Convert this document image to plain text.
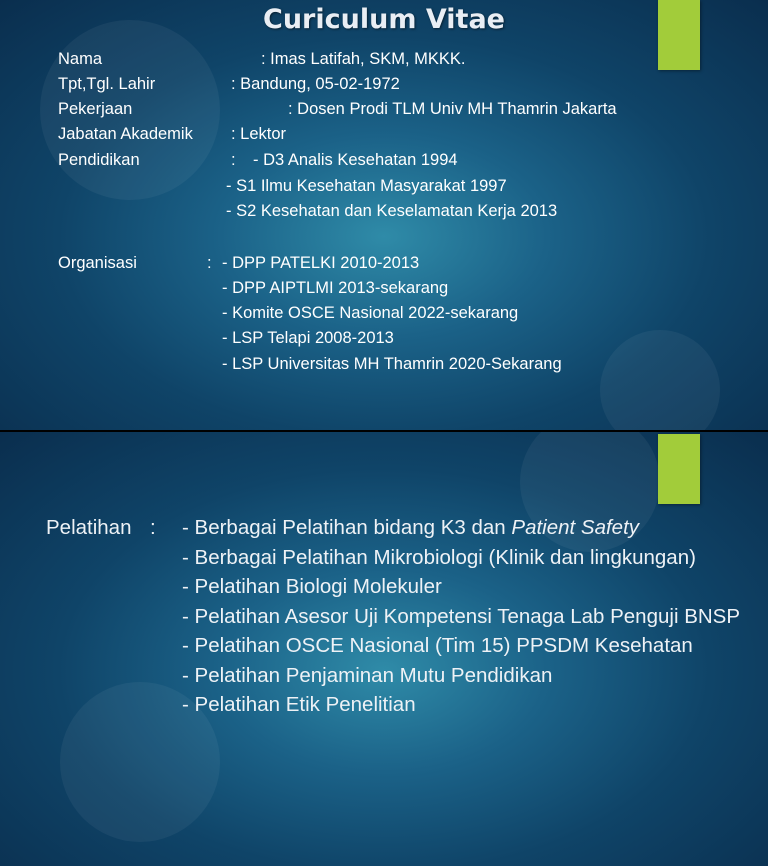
Curiculum Vitae
Nama	: Imas Latifah, SKM, MKKK.
Tpt,Tgl. Lahir	: Bandung, 05-02-1972
Pekerjaan	: Dosen Prodi TLM Univ MH Thamrin Jakarta
Jabatan Akademik : Lektor
Pendidikan	: - D3 Analis Kesehatan 1994
- S1 Ilmu Kesehatan Masyarakat 1997
- S2 Kesehatan dan Keselamatan Kerja 2013
Organisasi	: - DPP PATELKI 2010-2013
- DPP AIPTLMI 2013-sekarang
- Komite OSCE Nasional 2022-sekarang
- LSP Telapi 2008-2013
- LSP Universitas MH Thamrin 2020-Sekarang
Pelatihan : - Berbagai Pelatihan bidang K3 dan Patient Safety
- Berbagai Pelatihan Mikrobiologi (Klinik dan lingkungan)
- Pelatihan Biologi Molekuler
- Pelatihan Asesor Uji Kompetensi Tenaga Lab Penguji BNSP
- Pelatihan OSCE Nasional (Tim 15) PPSDM Kesehatan
- Pelatihan Penjaminan Mutu Pendidikan
- Pelatihan Etik Penelitian
